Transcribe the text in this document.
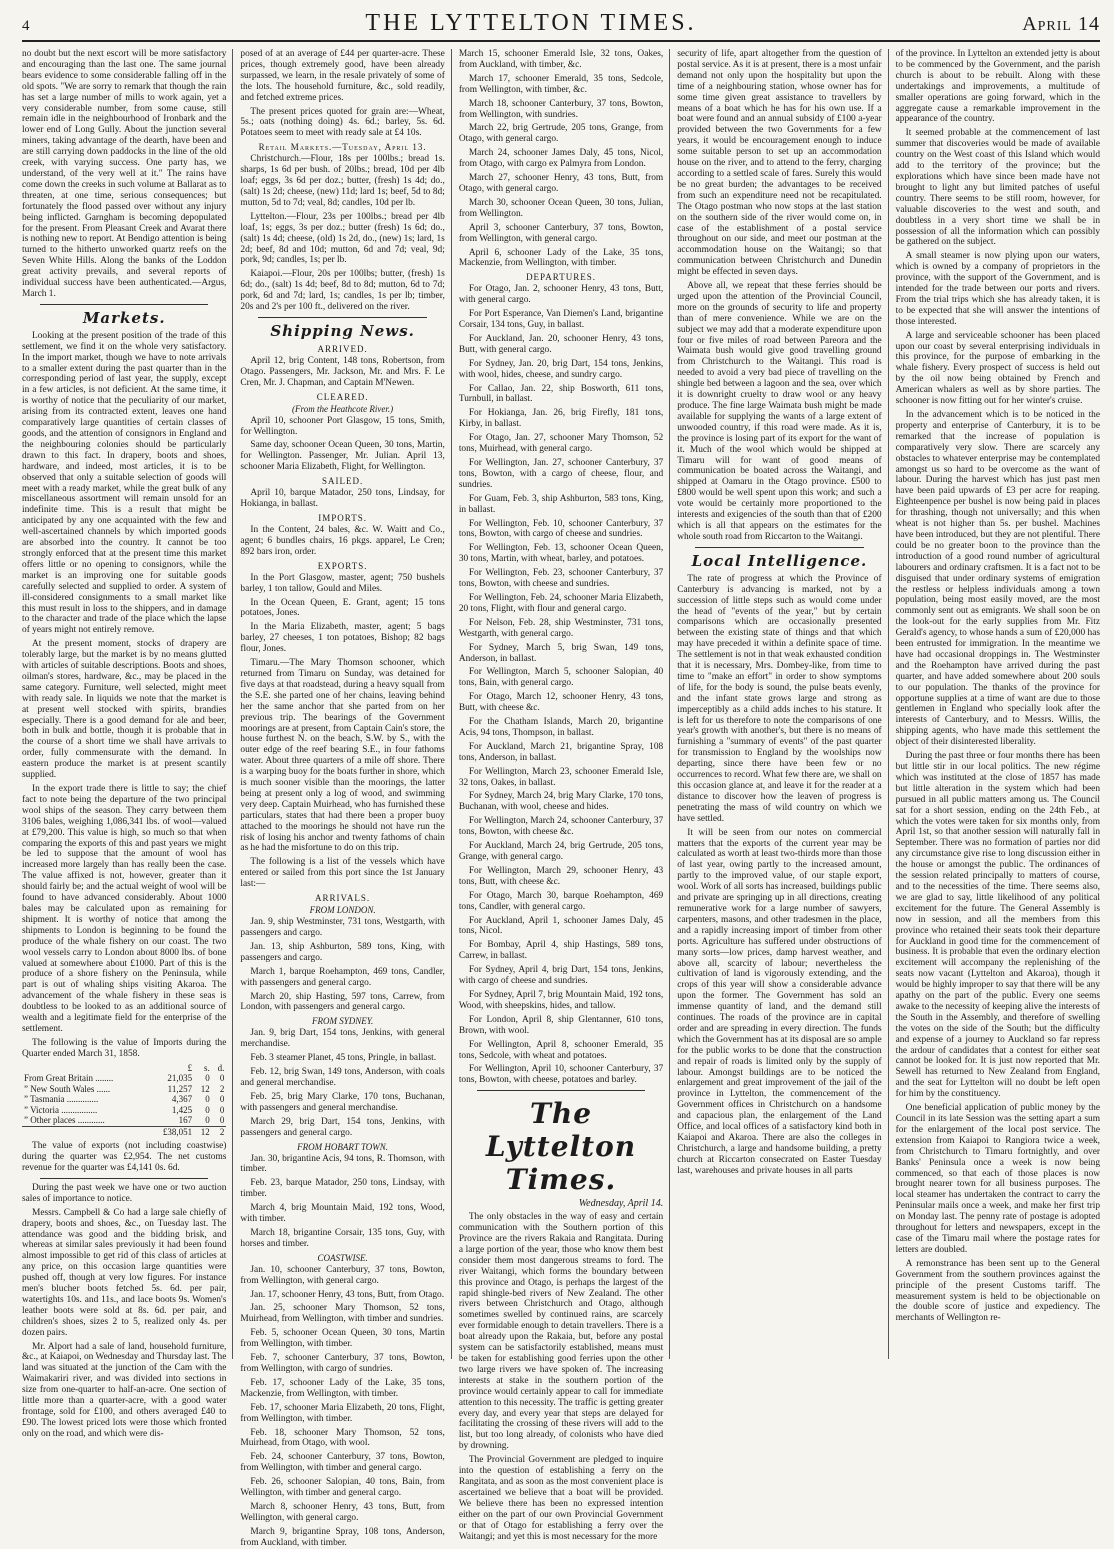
4	THE LYTTELTON TIMES.	April 14

no doubt but the next escort will be more satisfactory and encouraging than the last one. The same journal bears evidence to some considerable falling off in the old spots. "We are sorry to remark that though the rain has set a large number of mills to work again, yet a very considerable number, from some cause, still remain idle in the neighbourhood of Ironbark and the lower end of Long Gully. About the junction several miners, taking advantage of the dearth, have been and are still carrying down paddocks in the line of the old creek, with varying success. One party has, we understand, of the very well at it." The rains have come down the creeks in such volume at Ballarat as to threaten, at one time, serious consequences; but fortunately the flood passed over without any injury being inflicted. Garngham is becoming depopulated for the present. From Pleasant Creek and Avarat there is nothing new to report. At Bendigo attention is being turned to the hitherto unworked quartz reefs on the Seven White Hills. Along the banks of the Loddon great activity prevails, and several reports of individual success have been authenticated.—Argus, March 1.

Markets.

Looking at the present position of the trade of this settlement, we find it on the whole very satisfactory. In the import market, though we have to note arrivals to a smaller extent during the past quarter than in the corresponding period of last year, the supply, except in a few articles, is not deficient. At the same time, it is worthy of notice that the peculiarity of our market, arising from its contracted extent, leaves one hand comparatively large quantities of certain classes of goods, and the attention of consignors in England and the neighbouring colonies should be particularly drawn to this fact. In drapery, boots and shoes, hardware, and indeed, most articles, it is to be observed that only a suitable selection of goods will meet with a ready market, while the great bulk of any miscellaneous assortment will remain unsold for an indefinite time. This is a result that might be anticipated by any one acquainted with the few and well-ascertained channels by which imported goods are absorbed into the country. It cannot be too strongly enforced that at the present time this market offers little or no opening to consignors, while the market is an improving one for suitable goods carefully selected and supplied to order. A system of ill-considered consignments to a small market like this must result in loss to the shippers, and in damage to the character and trade of the place which the lapse of years might not entirely remove.

At the present moment, stocks of drapery are tolerably large, but the market is by no means glutted with articles of suitable descriptions. Boots and shoes, oilman's stores, hardware, &c., may be placed in the same category. Furniture, well selected, might meet with ready sale. In liquids we note that the market is at present well stocked with spirits, brandies especially. There is a good demand for ale and beer, both in bulk and bottle, though it is probable that in the course of a short time we shall have arrivals to order, fully commensurate with the demand. In eastern produce the market is at present scantily supplied.

In the export trade there is little to say; the chief fact to note being the departure of the two principal wool ships of the season. They carry between them 3106 bales, weighing 1,086,341 lbs. of wool—valued at £79,200. This value is high, so much so that when comparing the exports of this and past years we might be led to suppose that the amount of wool has increased more largely than has really been the case. The value affixed is not, however, greater than it should fairly be; and the actual weight of wool will be found to have advanced considerably. About 1000 bales may be calculated upon as remaining for shipment. It is worthy of notice that among the shipments to London is beginning to be found the produce of the whale fishery on our coast. The two wool vessels carry to London about 8000 lbs. of bone valued at somewhere about £1000. Part of this is the produce of a shore fishery on the Peninsula, while part is out of whaling ships visiting Akaroa. The advancement of the whale fishery in these seas is doubtless to be looked to as an additional source of wealth and a legitimate field for the enterprise of the settlement.

The following is the value of Imports during the Quarter ended March 31, 1858.

	£	s.	d.
From Great Britain ........	21,035	0	0
” New South Wales ......	11,257	12	2
” Tasmania ..............	4,367	0	0
” Victoria ................	1,425	0	0
” Other places ............	167	0	0
	£38,051	12	2

The value of exports (not including coastwise) during the quarter was £2,954. The net customs revenue for the quarter was £4,141 0s. 6d.

During the past week we have one or two auction sales of importance to notice.

Messrs. Campbell & Co had a large sale chiefly of drapery, boots and shoes, &c., on Tuesday last. The attendance was good and the bidding brisk, and whereas at similar sales previously it had been found almost impossible to get rid of this class of articles at any price, on this occasion large quantities were pushed off, though at very low figures. For instance men's blucher boots fetched 5s. 6d. per pair, watertights 10s. and 11s., and lace boots 9s. Women's leather boots were sold at 8s. 6d. per pair, and children's shoes, sizes 2 to 5, realized only 4s. per dozen pairs.

Mr. Alport had a sale of land, household furniture, &c., at Kaiapoi, on Wednesday and Thursday last. The land was situated at the junction of the Cam with the Waimakariri river, and was divided into sections in size from one-quarter to half-an-acre. One section of little more than a quarter-acre, with a good water frontage, sold for £100, and others averaged £40 to £90. The lowest priced lots were those which fronted only on the road, and which were dis-

posed of at an average of £44 per quarter-acre. These prices, though extremely good, have been already surpassed, we learn, in the resale privately of some of the lots. The household furniture, &c., sold readily, and fetched extreme prices.

The present prices quoted for grain are:—Wheat, 5s.; oats (nothing doing) 4s. 6d.; barley, 5s. 6d. Potatoes seem to meet with ready sale at £4 10s.

Retail Markets.—Tuesday, April 13.

Christchurch.—Flour, 18s per 100lbs.; bread 1s. sharps, 1s 6d per bush. of 20lbs.; bread, 10d per 4lb loaf; eggs, 3s 6d per doz.; butter, (fresh) 1s 4d; do., (salt) 1s 2d; cheese, (new) 11d; lard 1s; beef, 5d to 8d; mutton, 5d to 7d; veal, 8d; candles, 10d per lb.

Lyttelton.—Flour, 23s per 100lbs.; bread per 4lb loaf, 1s; eggs, 3s per doz.; butter (fresh) 1s 6d; do., (salt) 1s 4d; cheese, (old) 1s 2d, do., (new) 1s; lard, 1s 2d; beef, 8d and 10d; mutton, 6d and 7d; veal, 9d; pork, 9d; candles, 1s; per lb.

Kaiapoi.—Flour, 20s per 100lbs; butter, (fresh) 1s 6d; do., (salt) 1s 4d; beef, 8d to 8d; mutton, 6d to 7d; pork, 6d and 7d; lard, 1s; candles, 1s per lb; timber, 20s and 2's per 100 ft., delivered on the river.

Shipping News.
ARRIVED.

April 12, brig Content, 148 tons, Robertson, from Otago. Passengers, Mr. Jackson, Mr. and Mrs. F. Le Cren, Mr. J. Chapman, and Captain M'Newen.

CLEARED.
(From the Heathcote River.)

April 10, schooner Port Glasgow, 15 tons, Smith, for Wellington.

Same day, schooner Ocean Queen, 30 tons, Martin, for Wellington. Passenger, Mr. Julian. April 13, schooner Maria Elizabeth, Flight, for Wellington.

SAILED.

April 10, barque Matador, 250 tons, Lindsay, for Hokianga, in ballast.

IMPORTS.

In the Content, 24 bales, &c. W. Waitt and Co., agent; 6 bundles chairs, 16 pkgs. apparel, Le Cren; 892 bars iron, order.

EXPORTS.

In the Port Glasgow, master, agent; 750 bushels barley, 1 ton tallow, Gould and Miles.

In the Ocean Queen, E. Grant, agent; 15 tons potatoes, Jones.

In the Maria Elizabeth, master, agent; 5 bags barley, 27 cheeses, 1 ton potatoes, Bishop; 82 bags flour, Jones.

Timaru.—The Mary Thomson schooner, which returned from Timaru on Sunday, was detained for five days at that roadstead, during a heavy squall from the S.E. she parted one of her chains, leaving behind her the same anchor that she parted from on her previous trip. The bearings of the Government moorings are at present, from Captain Cain's store, the house furthest N. on the beach, S.W. by S., with the outer edge of the reef bearing S.E., in four fathoms water. About three quarters of a mile off shore. There is a warping buoy for the boats further in shore, which is much sooner visible than the moorings, the latter being at present only a log of wood, and swimming very deep. Captain Muirhead, who has furnished these particulars, states that had there been a proper buoy attached to the moorings he should not have run the risk of losing his anchor and twenty fathoms of chain as he had the misfortune to do on this trip.

The following is a list of the vessels which have entered or sailed from this port since the 1st January last:—

ARRIVALS.
FROM LONDON.

Jan. 9, ship Westminster, 731 tons, Westgarth, with passengers and cargo.

Jan. 13, ship Ashburton, 589 tons, King, with passengers and cargo.

March 1, barque Roehampton, 469 tons, Candler, with passengers and general cargo.

March 20, ship Hasting, 597 tons, Carrew, from London, with passengers and general cargo.

FROM SYDNEY.

Jan. 9, brig Dart, 154 tons, Jenkins, with general merchandise.

Feb. 3 steamer Planet, 45 tons, Pringle, in ballast.

Feb. 12, brig Swan, 149 tons, Anderson, with coals and general merchandise.

Feb. 25, brig Mary Clarke, 170 tons, Buchanan, with passengers and general merchandise.

March 29, brig Dart, 154 tons, Jenkins, with passengers and general cargo.

FROM HOBART TOWN.

Jan. 30, brigantine Acis, 94 tons, R. Thomson, with timber.

Feb. 23, barque Matador, 250 tons, Lindsay, with timber.

March 4, brig Mountain Maid, 192 tons, Wood, with timber.

March 18, brigantine Corsair, 135 tons, Guy, with horses and timber.

COASTWISE.

Jan. 10, schooner Canterbury, 37 tons, Bowton, from Wellington, with general cargo.

Jan. 17, schooner Henry, 43 tons, Butt, from Otago.

Jan. 25, schooner Mary Thomson, 52 tons, Muirhead, from Wellington, with timber and sundries.

Feb. 5, schooner Ocean Queen, 30 tons, Martin from Wellington, with timber.

Feb. 7, schooner Canterbury, 37 tons, Bowton, from Wellington, with cargo of sundries.

Feb. 17, schooner Lady of the Lake, 35 tons, Mackenzie, from Wellington, with timber.

Feb. 17, schooner Maria Elizabeth, 20 tons, Flight, from Wellington, with timber.

Feb. 18, schooner Mary Thomson, 52 tons, Muirhead, from Otago, with wool.

Feb. 24, schooner Canterbury, 37 tons, Bowton, from Wellington, with timber and general cargo.

Feb. 26, schooner Salopian, 40 tons, Bain, from Wellington, with timber and general cargo.

March 8, schooner Henry, 43 tons, Butt, from Wellington, with general cargo.

March 9, brigantine Spray, 108 tons, Anderson, from Auckland, with timber.

March 15, schooner Emerald Isle, 32 tons, Oakes, from Auckland, with timber, &c.

March 17, schooner Emerald, 35 tons, Sedcole, from Wellington, with timber, &c.

March 18, schooner Canterbury, 37 tons, Bowton, from Wellington, with sundries.

March 22, brig Gertrude, 205 tons, Grange, from Otago, with general cargo.

March 24, schooner James Daly, 45 tons, Nicol, from Otago, with cargo ex Palmyra from London.

March 27, schooner Henry, 43 tons, Butt, from Otago, with general cargo.

March 30, schooner Ocean Queen, 30 tons, Julian, from Wellington.

April 3, schooner Canterbury, 37 tons, Bowton, from Wellington, with general cargo.

April 6, schooner Lady of the Lake, 35 tons, Mackenzie, from Wellington, with timber.

DEPARTURES.

For Otago, Jan. 2, schooner Henry, 43 tons, Butt, with general cargo.

For Port Esperance, Van Diemen's Land, brigantine Corsair, 134 tons, Guy, in ballast.

For Auckland, Jan. 20, schooner Henry, 43 tons, Butt, with general cargo.

For Sydney, Jan. 20, brig Dart, 154 tons, Jenkins, with wool, hides, cheese, and sundry cargo.

For Callao, Jan. 22, ship Bosworth, 611 tons, Turnbull, in ballast.

For Hokianga, Jan. 26, brig Firefly, 181 tons, Kirby, in ballast.

For Otago, Jan. 27, schooner Mary Thomson, 52 tons, Muirhead, with general cargo.

For Wellington, Jan. 27, schooner Canterbury, 37 tons, Bowton, with a cargo of cheese, flour, and sundries.

For Guam, Feb. 3, ship Ashburton, 583 tons, King, in ballast.

For Wellington, Feb. 10, schooner Canterbury, 37 tons, Bowton, with cargo of cheese and sundries.

For Wellington, Feb. 13, schooner Ocean Queen, 30 tons, Martin, with wheat, barley, and potatoes.

For Wellington, Feb. 23, schooner Canterbury, 37 tons, Bowton, with cheese and sundries.

For Wellington, Feb. 24, schooner Maria Elizabeth, 20 tons, Flight, with flour and general cargo.

For Nelson, Feb. 28, ship Westminster, 731 tons, Westgarth, with general cargo.

For Sydney, March 5, brig Swan, 149 tons, Anderson, in ballast.

For Wellington, March 5, schooner Salopian, 40 tons, Bain, with general cargo.

For Otago, March 12, schooner Henry, 43 tons, Butt, with cheese &c.

For the Chatham Islands, March 20, brigantine Acis, 94 tons, Thompson, in ballast.

For Auckland, March 21, brigantine Spray, 108 tons, Anderson, in ballast.

For Wellington, March 23, schooner Emerald Isle, 32 tons, Oakes, in ballast.

For Sydney, March 24, brig Mary Clarke, 170 tons, Buchanan, with wool, cheese and hides.

For Wellington, March 24, schooner Canterbury, 37 tons, Bowton, with cheese &c.

For Auckland, March 24, brig Gertrude, 205 tons, Grange, with general cargo.

For Wellington, March 29, schooner Henry, 43 tons, Butt, with cheese &c.

For Otago, March 30, barque Roehampton, 469 tons, Candler, with general cargo.

For Auckland, April 1, schooner James Daly, 45 tons, Nicol.

For Bombay, April 4, ship Hastings, 589 tons, Carrew, in ballast.

For Sydney, April 4, brig Dart, 154 tons, Jenkins, with cargo of cheese and sundries.

For Sydney, April 7, brig Mountain Maid, 192 tons, Wood, with sheepskins, hides, and tallow.

For London, April 8, ship Glentanner, 610 tons, Brown, with wool.

For Wellington, April 8, schooner Emerald, 35 tons, Sedcole, with wheat and potatoes.

For Wellington, April 10, schooner Canterbury, 37 tons, Bowton, with cheese, potatoes and barley.

The Lyttelton Times.
Wednesday, April 14.

The only obstacles in the way of easy and certain communication with the Southern portion of this Province are the rivers Rakaia and Rangitata. During a large portion of the year, those who know them best consider them most dangerous streams to ford. The river Waitangi, which forms the boundary between this province and Otago, is perhaps the largest of the rapid shingle-bed rivers of New Zealand. The other rivers between Christchurch and Otago, although sometimes swelled by continued rains, are scarcely ever formidable enough to detain travellers. There is a boat already upon the Rakaia, but, before any postal system can be satisfactorily established, means must be taken for establishing good ferries upon the other two large rivers we have spoken of. The increasing interests at stake in the southern portion of the province would certainly appear to call for immediate attention to this necessity. The traffic is getting greater every day, and every year that steps are delayed for facilitating the crossing of these rivers will add to the list, but too long already, of colonists who have died by drowning.

The Provincial Government are pledged to inquire into the question of establishing a ferry on the Rangitata, and as soon as the most convenient place is ascertained we believe that a boat will be provided. We believe there has been no expressed intention either on the part of our own Provincial Government or that of Otago for establishing a ferry over the Waitangi; and yet this is most necessary for the more

security of life, apart altogether from the question of postal service. As it is at present, there is a most unfair demand not only upon the hospitality but upon the time of a neighbouring station, whose owner has for some time given great assistance to travellers by means of a boat which he has for his own use. If a boat were found and an annual subsidy of £100 a-year provided between the two Governments for a few years, it would be encouragement enough to induce some suitable person to set up an accommodation house on the river, and to attend to the ferry, charging according to a settled scale of fares. Surely this would be no great burden; the advantages to be received from such an expenditure need not be recapitulated. The Otago postman who now stops at the last station on the southern side of the river would come on, in case of the establishment of a postal service throughout on our side, and meet our postman at the accommodation house on the Waitangi; so that communication between Christchurch and Dunedin might be effected in seven days.

Above all, we repeat that these ferries should be urged upon the attention of the Provincial Council, more on the grounds of security to life and property than of mere convenience. While we are on the subject we may add that a moderate expenditure upon four or five miles of road between Pareora and the Waimata bush would give good travelling ground from Christchurch to the Waitangi. This road is needed to avoid a very bad piece of travelling on the shingle bed between a lagoon and the sea, over which it is downright cruelty to draw wool or any heavy produce. The fine large Waimata bush might be made available for supplying the wants of a large extent of unwooded country, if this road were made. As it is, the province is losing part of its export for the want of it. Much of the wool which would be shipped at Timaru will for want of good means of communication be boated across the Waitangi, and shipped at Oamaru in the Otago province. £500 to £800 would be well spent upon this work; and such a vote would be certainly more proportioned to the interests and exigencies of the south than that of £200 which is all that appears on the estimates for the whole south road from Riccarton to the Waitangi.

Local Intelligence.

The rate of progress at which the Province of Canterbury is advancing is marked, not by a succession of little steps such as would come under the head of "events of the year," but by certain comparisons which are occasionally presented between the existing state of things and that which may have preceded it within a definite space of time. The settlement is not in that weak exhausted condition that it is necessary, Mrs. Dombey-like, from time to time to "make an effort" in order to show symptoms of life, for the body is sound, the pulse beats evenly, and the infant state grows large and strong as imperceptibly as a child adds inches to his stature. It is left for us therefore to note the comparisons of one year's growth with another's, but there is no means of furnishing a "summary of events" of the past quarter for transmission to England by the woolships now departing, since there have been few or no occurrences to record. What few there are, we shall on this occasion glance at, and leave it for the reader at a distance to discover how the leaven of progress is penetrating the mass of wild country on which we have settled.

It will be seen from our notes on commercial matters that the exports of the current year may be calculated as worth at least two-thirds more than those of last year, owing partly to the increased amount, partly to the improved value, of our staple export, wool. Work of all sorts has increased, buildings public and private are springing up in all directions, creating remunerative work for a large number of sawyers, carpenters, masons, and other tradesmen in the place, and a rapidly increasing import of timber from other ports. Agriculture has suffered under obstructions of many sorts—low prices, damp harvest weather, and above all, scarcity of labour; nevertheless the cultivation of land is vigorously extending, and the crops of this year will show a considerable advance upon the former. The Government has sold an immense quantity of land, and the demand still continues. The roads of the province are in capital order and are spreading in every direction. The funds which the Government has at its disposal are so ample for the public works to be done that the construction and repair of roads is limited only by the supply of labour. Amongst buildings are to be noticed the enlargement and great improvement of the jail of the province in Lyttelton, the commencement of the Government offices in Christchurch on a handsome and capacious plan, the enlargement of the Land Office, and local offices of a satisfactory kind both in Kaiapoi and Akaroa. There are also the colleges in Christchurch, a large and handsome building, a pretty church at Riccarton consecrated on Easter Tuesday last, warehouses and private houses in all parts

of the province. In Lyttelton an extended jetty is about to be commenced by the Government, and the parish church is about to be rebuilt. Along with these undertakings and improvements, a multitude of smaller operations are going forward, which in the aggregate cause a remarkable improvement in the appearance of the country.

It seemed probable at the commencement of last summer that discoveries would be made of available country on the West coast of this Island which would add to the territory of the province; but the explorations which have since been made have not brought to light any but limited patches of useful country. There seems to be still room, however, for valuable discoveries to the west and south, and doubtless in a very short time we shall be in possession of all the information which can possibly be gathered on the subject.

A small steamer is now plying upon our waters, which is owned by a company of proprietors in the province, with the support of the Government, and is intended for the trade between our ports and rivers. From the trial trips which she has already taken, it is to be expected that she will answer the intentions of those interested.

A large and serviceable schooner has been placed upon our coast by several enterprising individuals in this province, for the purpose of embarking in the whale fishery. Every prospect of success is held out by the oil now being obtained by French and American whalers as well as by shore parties. The schooner is now fitting out for her winter's cruise.

In the advancement which is to be noticed in the property and enterprise of Canterbury, it is to be remarked that the increase of population is comparatively very slow. There are scarcely any obstacles to whatever enterprise may be contemplated amongst us so hard to be overcome as the want of labour. During the harvest which has just past men have been paid upwards of £3 per acre for reaping. Eighteenpence per bushel is now being paid in places for thrashing, though not universally; and this when wheat is not higher than 5s. per bushel. Machines have been introduced, but they are not plentiful. There could be no greater boon to the province than the introduction of a good round number of agricultural labourers and ordinary craftsmen. It is a fact not to be disguised that under ordinary systems of emigration the restless or helpless individuals among a town population, being most easily moved, are the most commonly sent out as emigrants. We shall soon be on the look-out for the early supplies from Mr. Fitz Gerald's agency, to whose hands a sum of £20,000 has been entrusted for immigration. In the meantime we have had occasional droppings in. The Westminster and the Roehampton have arrived during the past quarter, and have added somewhere about 200 souls to our population. The thanks of the province for opportune supplies at a time of want are due to those gentlemen in England who specially look after the interests of Canterbury, and to Messrs. Willis, the shipping agents, who have made this settlement the object of their disinterested liberality.

During the past three or four months there has been but little stir in our local politics. The new régime which was instituted at the close of 1857 has made but little alteration in the system which had been pursued in all public matters among us. The Council sat for a short session, ending on the 24th Feb., at which the votes were taken for six months only, from April 1st, so that another session will naturally fall in September. There was no formation of parties nor did any circumstance give rise to long discussion either in the house or amongst the public. The ordinances of the session related principally to matters of course, and to the necessities of the time. There seems also, we are glad to say, little likelihood of any political excitement for the future. The General Assembly is now in session, and all the members from this province who retained their seats took their departure for Auckland in good time for the commencement of business. It is probable that even the ordinary election excitement will accompany the replenishing of the seats now vacant (Lyttelton and Akaroa), though it would be highly improper to say that there will be any apathy on the part of the public. Every one seems awake to the necessity of keeping alive the interests of the South in the Assembly, and therefore of swelling the votes on the side of the South; but the difficulty and expense of a journey to Auckland so far repress the ardour of candidates that a contest for either seat cannot be looked for. It is just now reported that Mr. Sewell has returned to New Zealand from England, and the seat for Lyttelton will no doubt be left open for him by the constituency.

One beneficial application of public money by the Council in its late Session was the setting apart a sum for the enlargement of the local post service. The extension from Kaiapoi to Rangiora twice a week, from Christchurch to Timaru fortnightly, and over Banks' Peninsula once a week is now being commenced, so that each of those places is now brought nearer town for all business purposes. The local steamer has undertaken the contract to carry the Peninsular mails once a week, and make her first trip on Monday last. The penny rate of postage is adopted throughout for letters and newspapers, except in the case of the Timaru mail where the postage rates for letters are doubled.

A remonstrance has been sent up to the General Government from the southern provinces against the principle of the present Customs tariff. The measurement system is held to be objectionable on the double score of justice and expediency. The merchants of Wellington re-
